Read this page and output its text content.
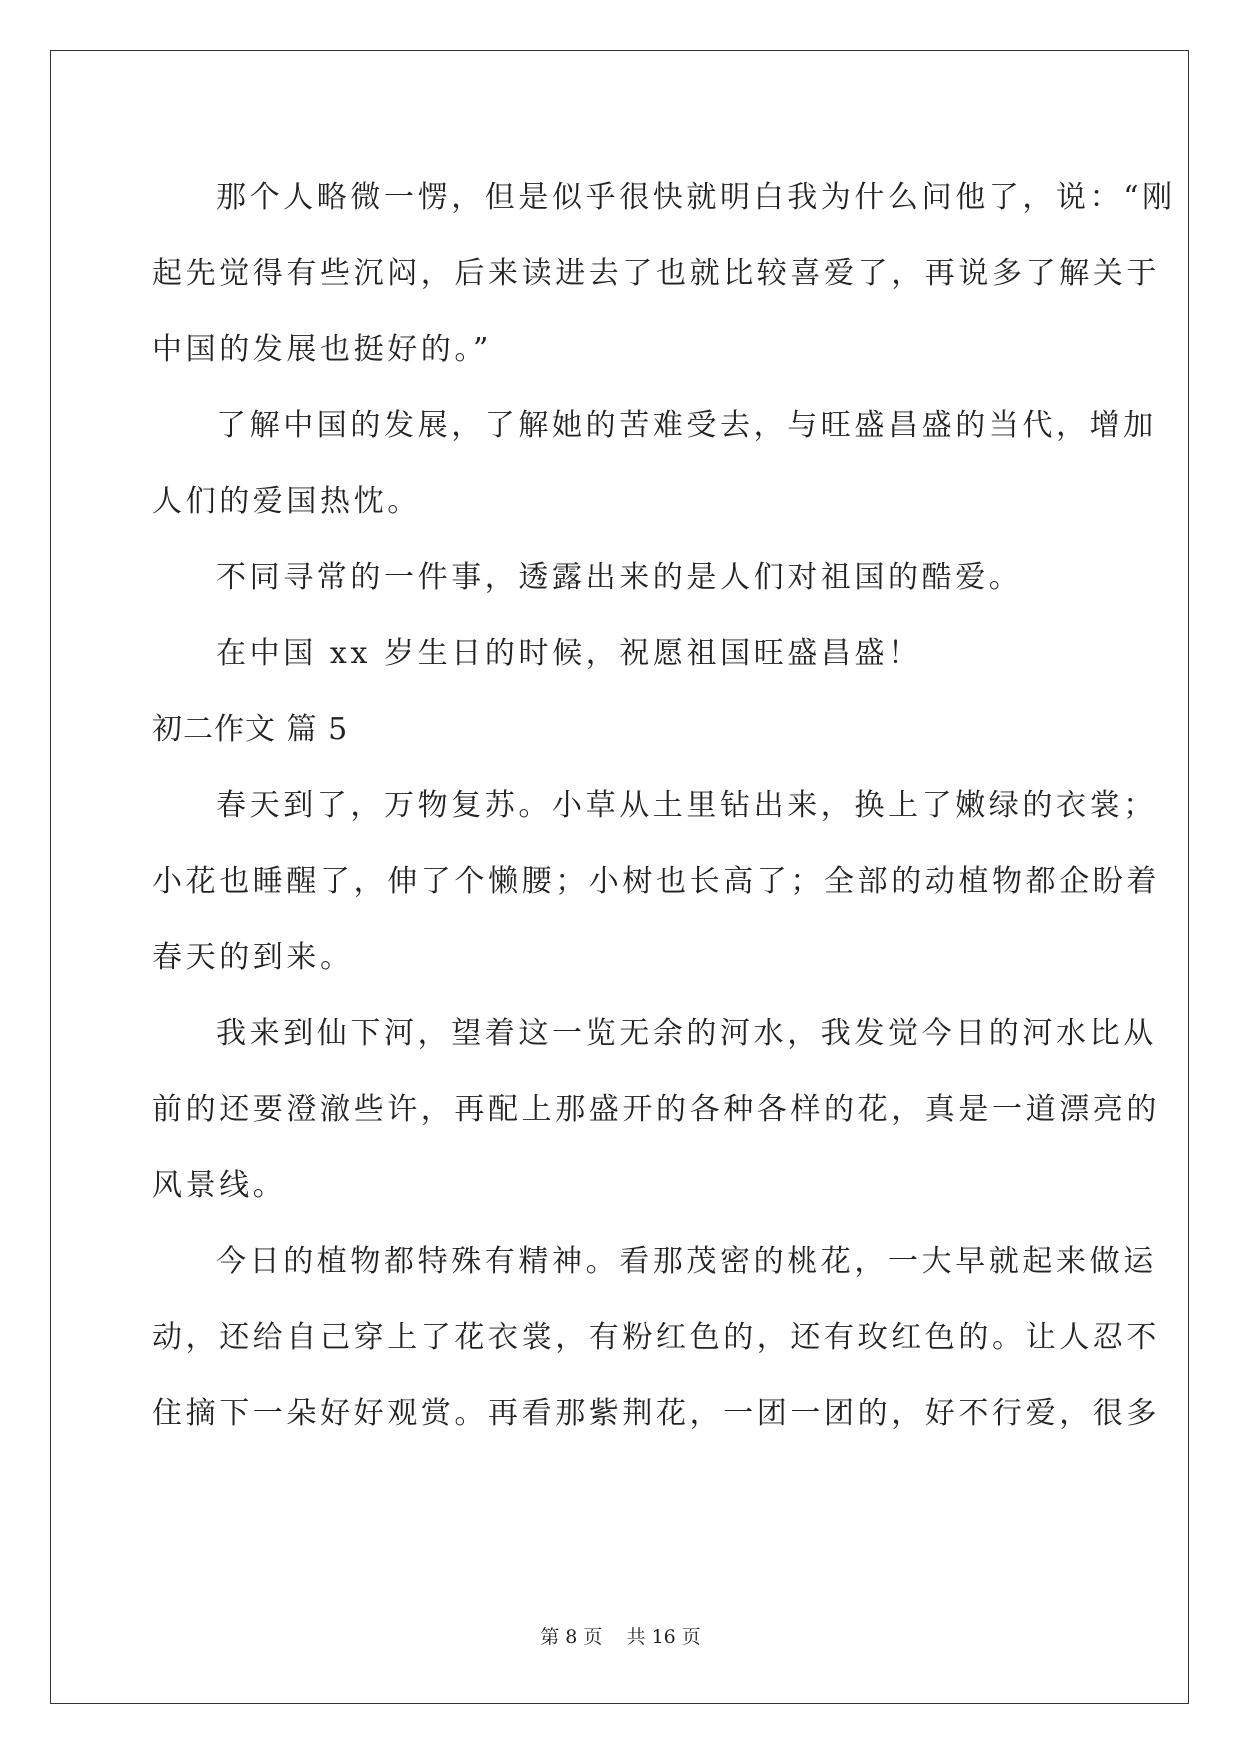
那个人略微一愣，但是似乎很快就明白我为什么问他了，说：“刚
起先觉得有些沉闷，后来读进去了也就比较喜爱了，再说多了解关于
中国的发展也挺好的。”
了解中国的发展，了解她的苦难受去，与旺盛昌盛的当代，增加
人们的爱国热忱。
不同寻常的一件事，透露出来的是人们对祖国的酷爱。
在中国 xx 岁生日的时候，祝愿祖国旺盛昌盛！
初二作文 篇 5
春天到了，万物复苏。小草从土里钻出来，换上了嫩绿的衣裳；
小花也睡醒了，伸了个懒腰；小树也长高了；全部的动植物都企盼着
春天的到来。
我来到仙下河，望着这一览无余的河水，我发觉今日的河水比从
前的还要澄澈些许，再配上那盛开的各种各样的花，真是一道漂亮的
风景线。
今日的植物都特殊有精神。看那茂密的桃花，一大早就起来做运
动，还给自己穿上了花衣裳，有粉红色的，还有玫红色的。让人忍不
住摘下一朵好好观赏。再看那紫荆花，一团一团的，好不行爱，很多
第 8 页    共 16 页
